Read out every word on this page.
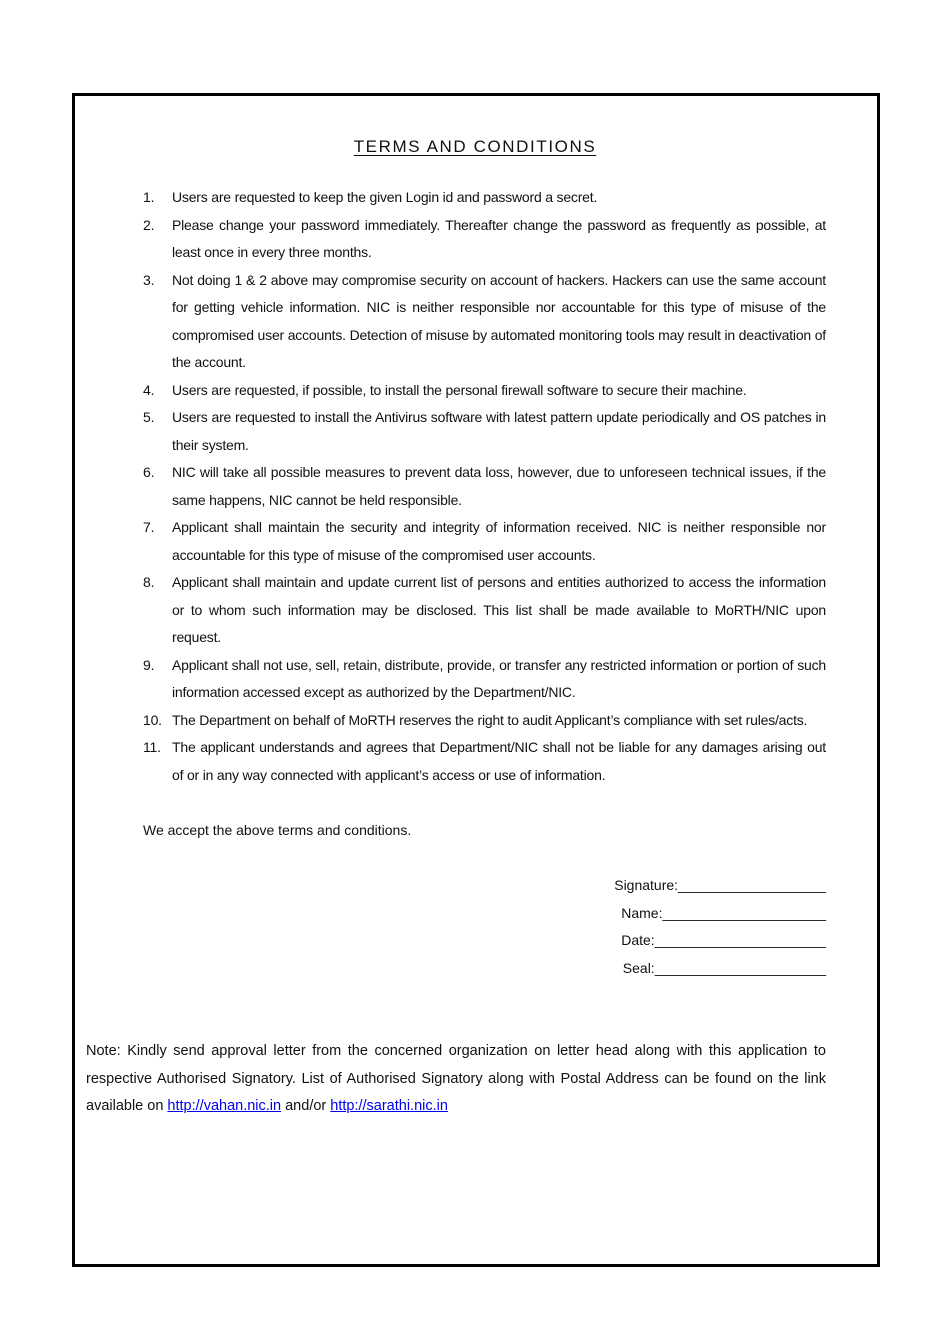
TERMS AND CONDITIONS
1. Users are requested to keep the given Login id and password a secret.
2. Please change your password immediately. Thereafter change the password as frequently as possible, at least once in every three months.
3. Not doing 1 & 2 above may compromise security on account of hackers. Hackers can use the same account for getting vehicle information. NIC is neither responsible nor accountable for this type of misuse of the compromised user accounts. Detection of misuse by automated monitoring tools may result in deactivation of the account.
4. Users are requested, if possible, to install the personal firewall software to secure their machine.
5. Users are requested to install the Antivirus software with latest pattern update periodically and OS patches in their system.
6. NIC will take all possible measures to prevent data loss, however, due to unforeseen technical issues, if the same happens, NIC cannot be held responsible.
7. Applicant shall maintain the security and integrity of information received. NIC is neither responsible nor accountable for this type of misuse of the compromised user accounts.
8. Applicant shall maintain and update current list of persons and entities authorized to access the information or to whom such information may be disclosed. This list shall be made available to MoRTH/NIC upon request.
9. Applicant shall not use, sell, retain, distribute, provide, or transfer any restricted information or portion of such information accessed except as authorized by the Department/NIC.
10. The Department on behalf of MoRTH reserves the right to audit Applicant’s compliance with set rules/acts.
11. The applicant understands and agrees that Department/NIC shall not be liable for any damages arising out of or in any way connected with applicant’s access or use of information.
We accept the above terms and conditions.
Signature:___________________
Name:_____________________
Date:______________________
Seal:______________________
Note: Kindly send approval letter from the concerned organization on letter head along with this application to respective Authorised Signatory. List of Authorised Signatory along with Postal Address can be found on the link available on http://vahan.nic.in and/or http://sarathi.nic.in
